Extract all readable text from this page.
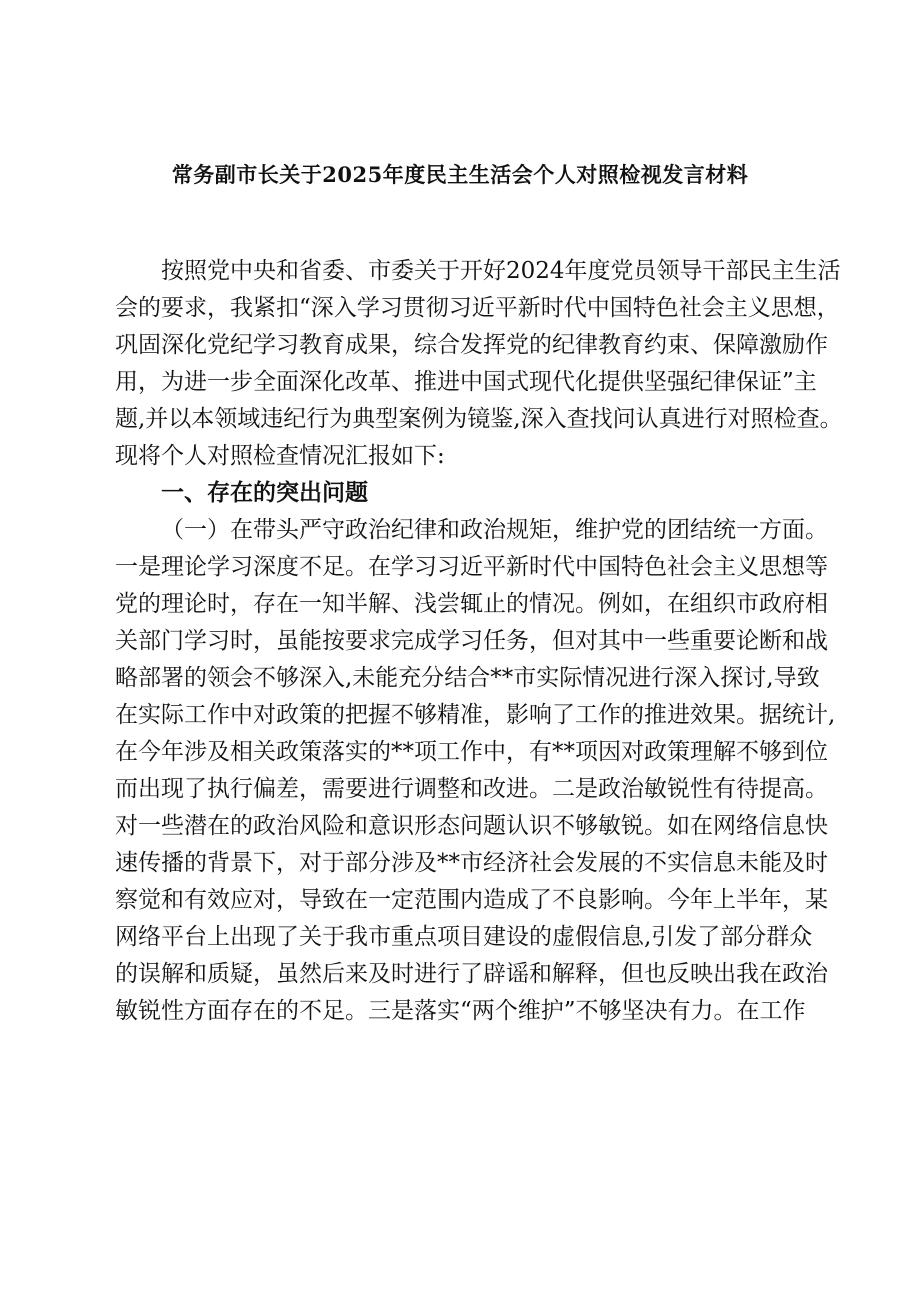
常务副市长关于2025年度民主生活会个人对照检视发言材料
按照党中央和省委、市委关于开好2024年度党员领导干部民主生活
会的要求，我紧扣“深入学习贯彻习近平新时代中国特色社会主义思想，
巩固深化党纪学习教育成果，综合发挥党的纪律教育约束、保障激励作
用，为进一步全面深化改革、推进中国式现代化提供坚强纪律保证”主
题,并以本领域违纪行为典型案例为镜鉴,深入查找问认真进行对照检查。
现将个人对照检查情况汇报如下:
一、存在的突出问题
（一）在带头严守政治纪律和政治规矩，维护党的团结统一方面。
一是理论学习深度不足。在学习习近平新时代中国特色社会主义思想等
党的理论时，存在一知半解、浅尝辄止的情况。例如，在组织市政府相
关部门学习时，虽能按要求完成学习任务，但对其中一些重要论断和战
略部署的领会不够深入,未能充分结合**市实际情况进行深入探讨,导致
在实际工作中对政策的把握不够精准，影响了工作的推进效果。据统计,
在今年涉及相关政策落实的**项工作中，有**项因对政策理解不够到位
而出现了执行偏差，需要进行调整和改进。二是政治敏锐性有待提高。
对一些潜在的政治风险和意识形态问题认识不够敏锐。如在网络信息快
速传播的背景下，对于部分涉及**市经济社会发展的不实信息未能及时
察觉和有效应对，导致在一定范围内造成了不良影响。今年上半年，某
网络平台上出现了关于我市重点项目建设的虚假信息,引发了部分群众
的误解和质疑，虽然后来及时进行了辟谣和解释，但也反映出我在政治
敏锐性方面存在的不足。三是落实“两个维护”不够坚决有力。在工作
